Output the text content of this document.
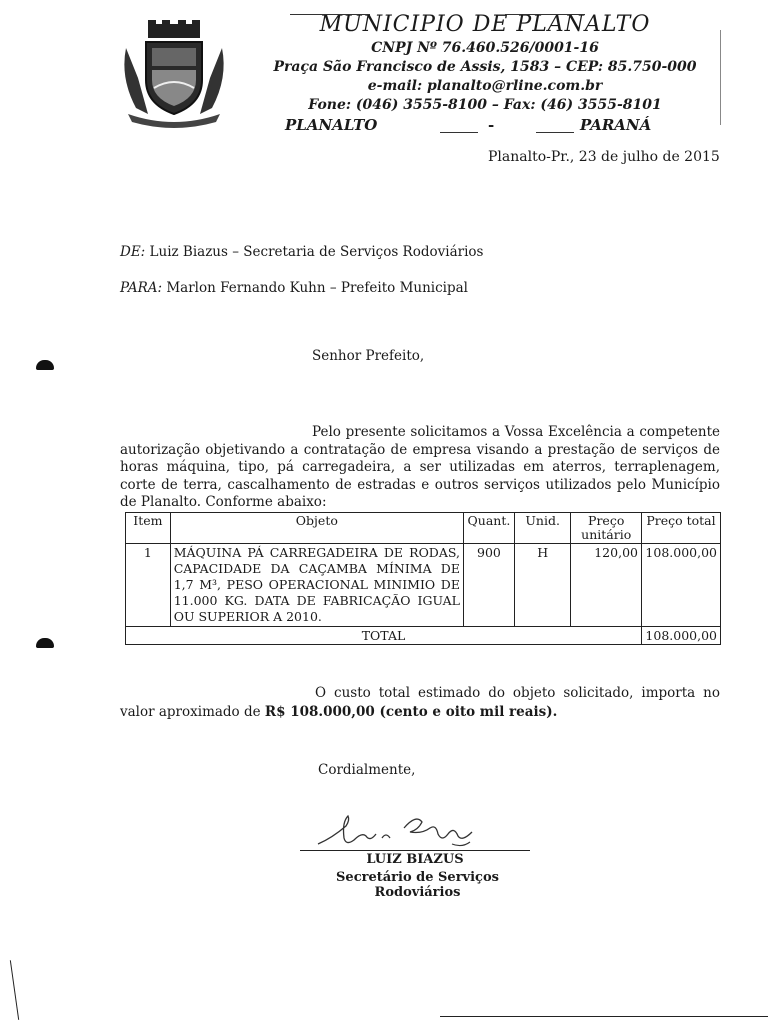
MUNICIPIO DE PLANALTO
CNPJ Nº 76.460.526/0001-16
Praça São Francisco de Assis, 1583 – CEP: 85.750-000
e-mail: planalto@rline.com.br
Fone: (046) 3555-8100 – Fax: (46) 3555-8101
PLANALTO	-	PARANÁ
Planalto-Pr., 23 de julho de 2015
DE: Luiz Biazus – Secretaria de Serviços Rodoviários
PARA: Marlon Fernando Kuhn – Prefeito Municipal
Senhor Prefeito,
Pelo presente solicitamos a Vossa Excelência a competente autorização objetivando a contratação de empresa visando a prestação de serviços de horas máquina, tipo, pá carregadeira, a ser utilizadas em aterros, terraplenagem, corte de terra, cascalhamento de estradas e outros serviços utilizados pelo Município de Planalto. Conforme abaixo:
Item	Objeto	Quant.	Unid.	Preço unitário	Preço total
1	MÁQUINA PÁ CARREGADEIRA DE RODAS, CAPACIDADE DA CAÇAMBA MÍNIMA DE 1,7 M³, PESO OPERACIONAL MINIMIO DE 11.000 KG. DATA DE FABRICAÇÃO IGUAL OU SUPERIOR A 2010.	900	H	120,00	108.000,00
TOTAL					108.000,00
O custo total estimado do objeto solicitado, importa no valor aproximado de R$ 108.000,00 (cento e oito mil reais).
Cordialmente,
LUIZ BIAZUS
Secretário de Serviços Rodoviários
